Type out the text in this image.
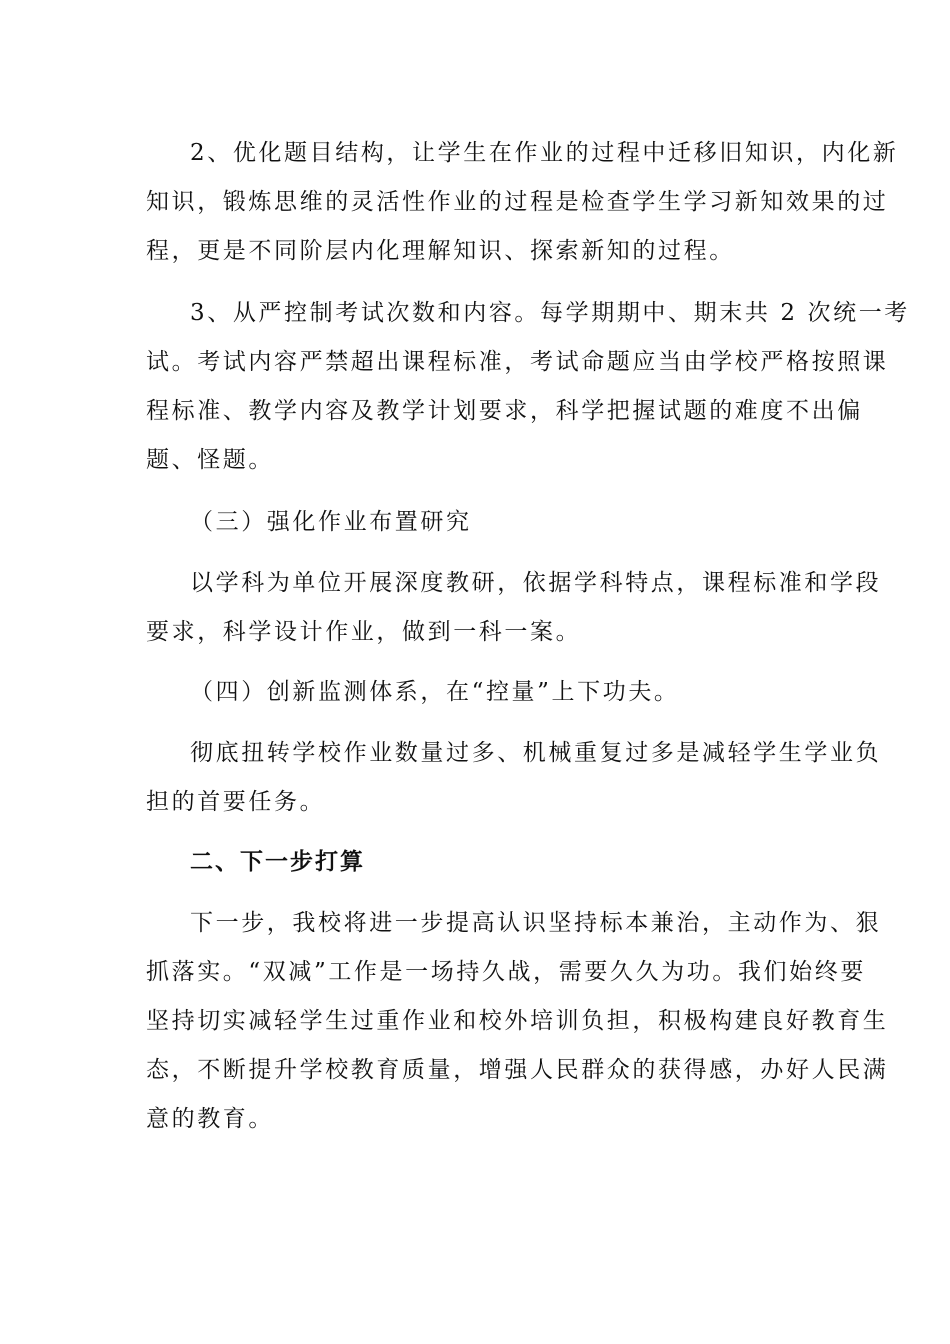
2、优化题目结构，让学生在作业的过程中迁移旧知识，内化新
知识，锻炼思维的灵活性作业的过程是检查学生学习新知效果的过
程，更是不同阶层内化理解知识、探索新知的过程。
3、从严控制考试次数和内容。每学期期中、期末共 2 次统一考
试。考试内容严禁超出课程标准，考试命题应当由学校严格按照课
程标准、教学内容及教学计划要求，科学把握试题的难度不出偏
题、怪题。
（三）强化作业布置研究
以学科为单位开展深度教研，依据学科特点，课程标准和学段
要求，科学设计作业，做到一科一案。
（四）创新监测体系，在“控量”上下功夫。
彻底扭转学校作业数量过多、机械重复过多是减轻学生学业负
担的首要任务。
二、下一步打算
下一步，我校将进一步提高认识坚持标本兼治，主动作为、狠
抓落实。“双减”工作是一场持久战，需要久久为功。我们始终要
坚持切实减轻学生过重作业和校外培训负担，积极构建良好教育生
态，不断提升学校教育质量，增强人民群众的获得感，办好人民满
意的教育。
